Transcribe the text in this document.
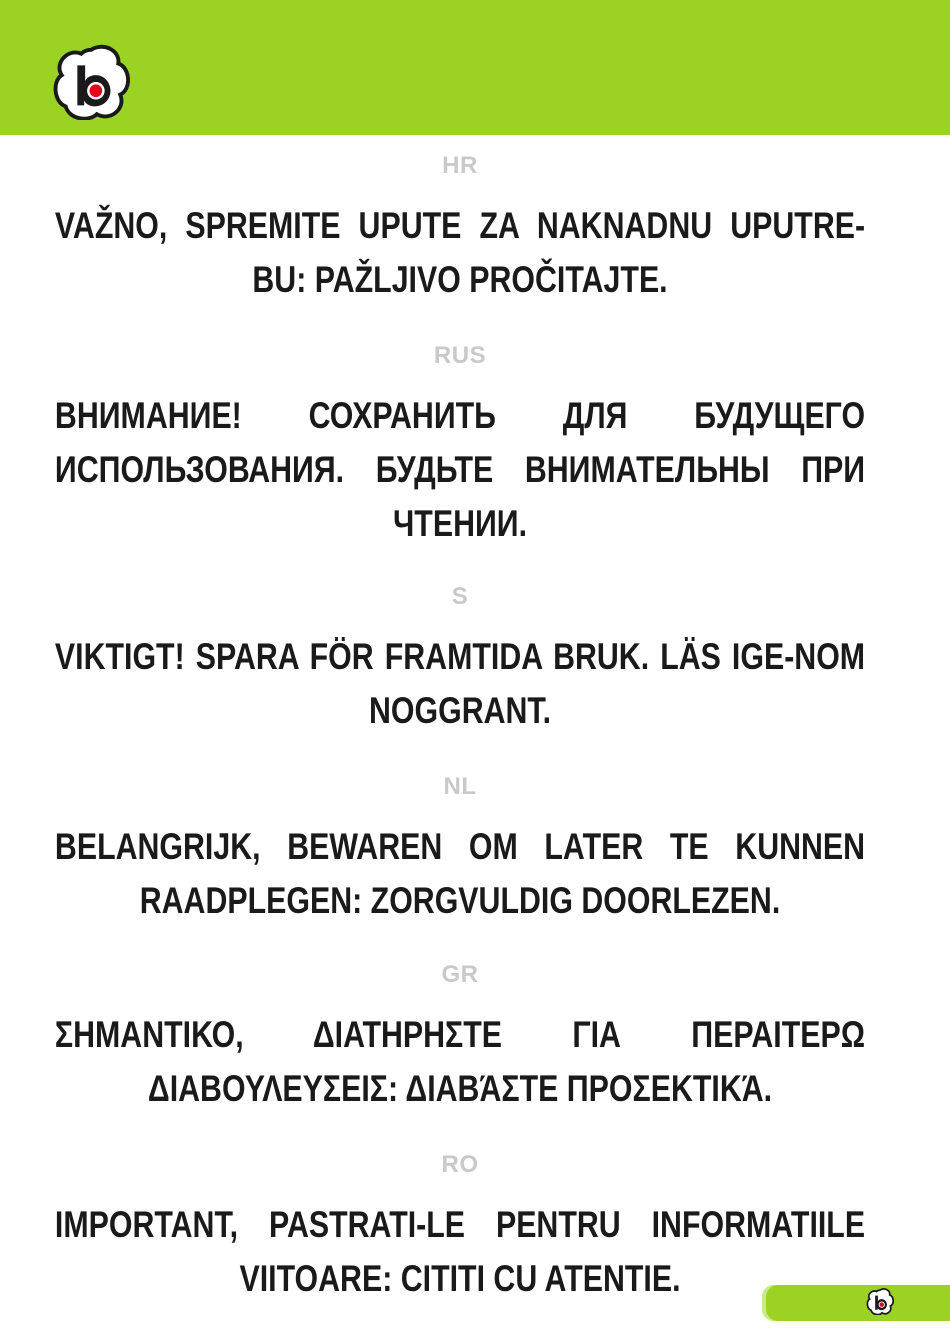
HR
VAŽNO, SPREMITE UPUTE ZA NAKNADNU UPUTRE-BU: PAŽLJIVO PROČITAJTE.
RUS
ВНИМАНИЕ! СОХРАНИТЬ ДЛЯ БУДУЩЕГО ИСПОЛЬЗОВАНИЯ. БУДЬТЕ ВНИМАТЕЛЬНЫ ПРИ ЧТЕНИИ.
S
VIKTIGT! SPARA FÖR FRAMTIDA BRUK. LÄS IGE-NOM NOGGRANT.
NL
BELANGRIJK, BEWAREN OM LATER TE KUNNEN RAADPLEGEN: ZORGVULDIG DOORLEZEN.
GR
ΣΗΜΑΝΤΙΚΟ, ΔΙΑΤΗΡΗΣΤΕ ΓΙΑ ΠΕΡΑΙΤΕΡΩ ΔΙΑΒΟΥΛΕΥΣΕΙΣ: ΔΙΑΒΆΣΤΕ ΠΡΟΣΕΚΤΙΚΆ.
RO
IMPORTANT, PASTRATI-LE PENTRU INFORMATIILE VIITOARE: CITITI CU ATENTIE.
